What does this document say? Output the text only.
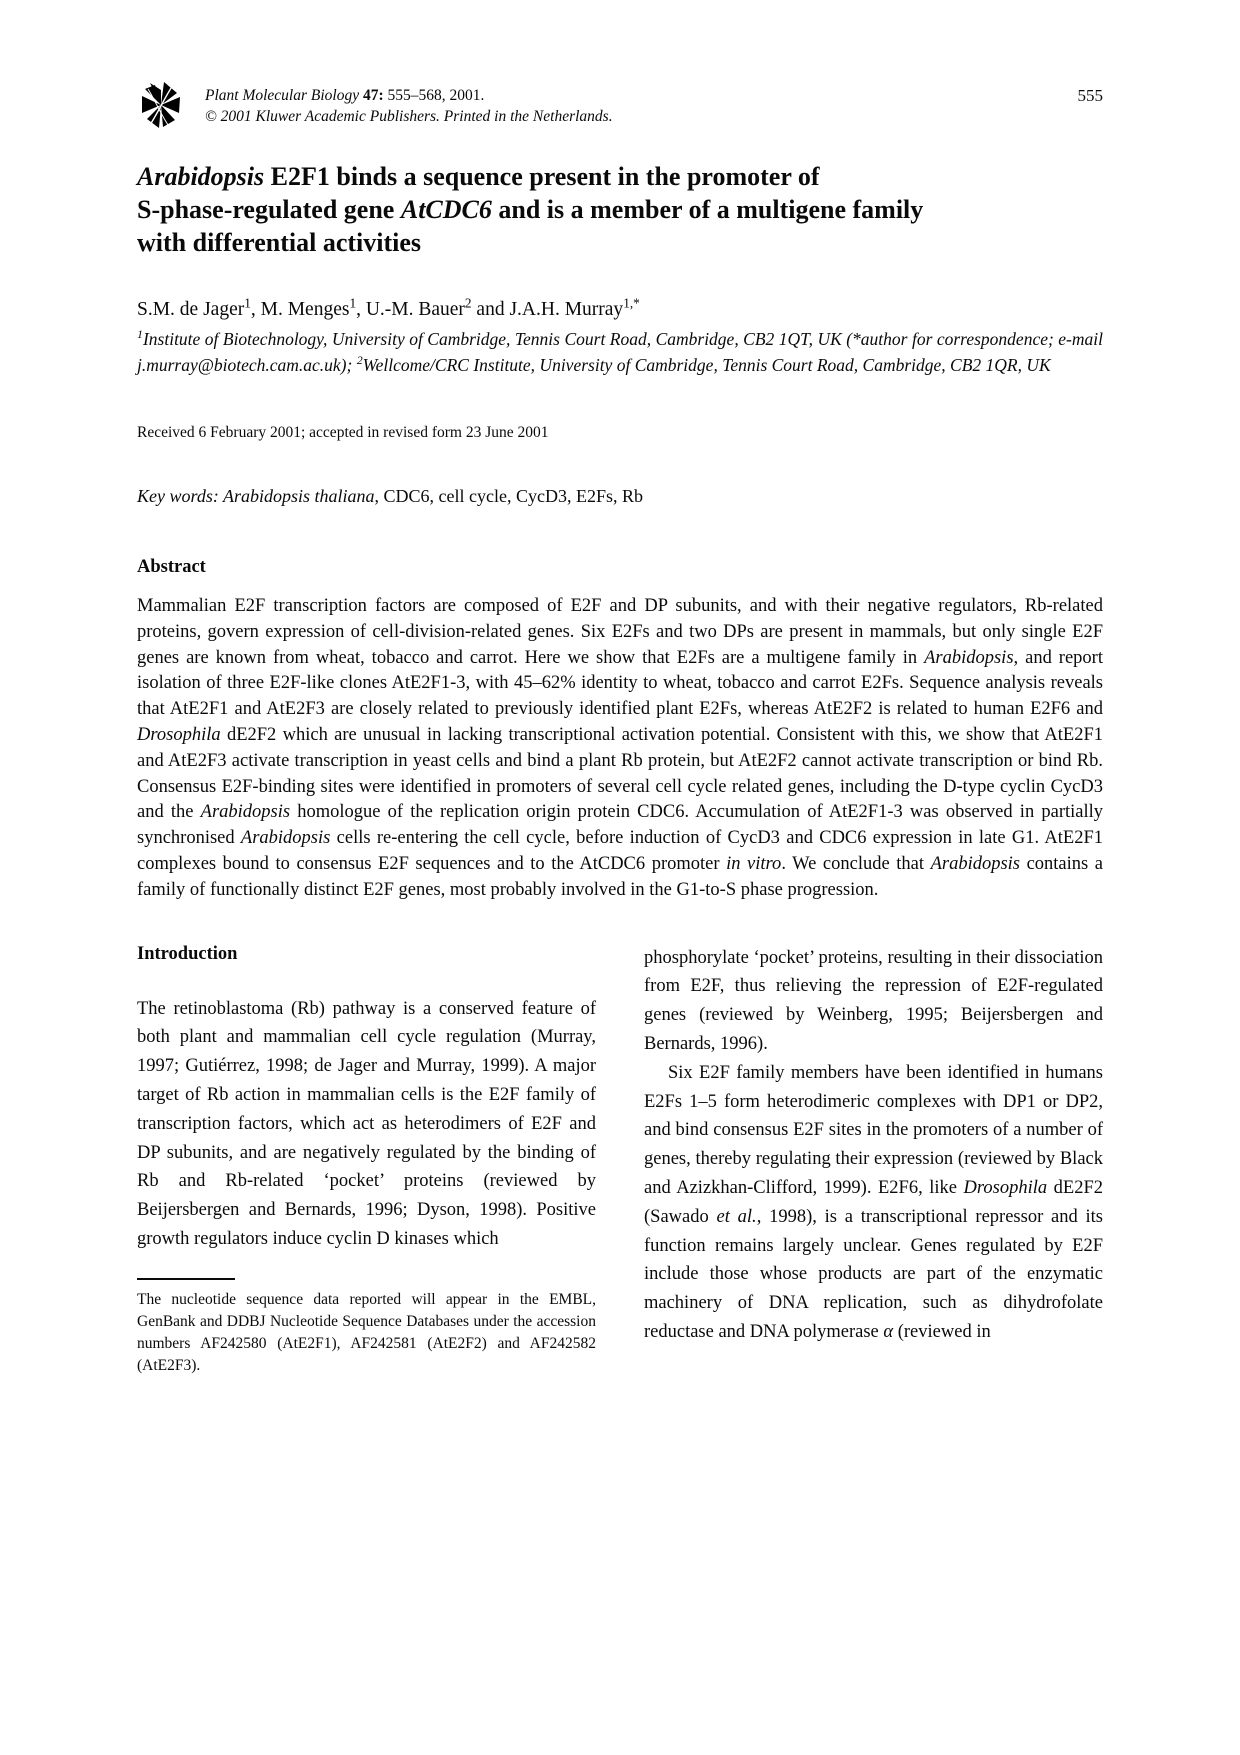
Plant Molecular Biology 47: 555–568, 2001.
© 2001 Kluwer Academic Publishers. Printed in the Netherlands.
555
Arabidopsis E2F1 binds a sequence present in the promoter of
S-phase-regulated gene AtCDC6 and is a member of a multigene family
with differential activities
S.M. de Jager$^1$, M. Menges$^1$, U.-M. Bauer$^2$ and J.A.H. Murray$^{1,*}$
$^1$Institute of Biotechnology, University of Cambridge, Tennis Court Road, Cambridge, CB2 1QT, UK (*author for correspondence; e-mail j.murray@biotech.cam.ac.uk); $^2$Wellcome/CRC Institute, University of Cambridge, Tennis Court Road, Cambridge, CB2 1QR, UK
Received 6 February 2001; accepted in revised form 23 June 2001
Key words: Arabidopsis thaliana, CDC6, cell cycle, CycD3, E2Fs, Rb
Abstract

Mammalian E2F transcription factors are composed of E2F and DP subunits, and with their negative regulators, Rb-related proteins, govern expression of cell-division-related genes. Six E2Fs and two DPs are present in mammals, but only single E2F genes are known from wheat, tobacco and carrot. Here we show that E2Fs are a multigene family in Arabidopsis, and report isolation of three E2F-like clones AtE2F1-3, with 45–62% identity to wheat, tobacco and carrot E2Fs. Sequence analysis reveals that AtE2F1 and AtE2F3 are closely related to previously identified plant E2Fs, whereas AtE2F2 is related to human E2F6 and Drosophila dE2F2 which are unusual in lacking transcriptional activation potential. Consistent with this, we show that AtE2F1 and AtE2F3 activate transcription in yeast cells and bind a plant Rb protein, but AtE2F2 cannot activate transcription or bind Rb. Consensus E2F-binding sites were identified in promoters of several cell cycle related genes, including the D-type cyclin CycD3 and the Arabidopsis homologue of the replication origin protein CDC6. Accumulation of AtE2F1-3 was observed in partially synchronised Arabidopsis cells re-entering the cell cycle, before induction of CycD3 and CDC6 expression in late G1. AtE2F1 complexes bound to consensus E2F sequences and to the AtCDC6 promoter in vitro. We conclude that Arabidopsis contains a family of functionally distinct E2F genes, most probably involved in the G1-to-S phase progression.

Introduction

The retinoblastoma (Rb) pathway is a conserved feature of both plant and mammalian cell cycle regulation (Murray, 1997; Gutiérrez, 1998; de Jager and Murray, 1999). A major target of Rb action in mammalian cells is the E2F family of transcription factors, which act as heterodimers of E2F and DP subunits, and are negatively regulated by the binding of Rb and Rb-related ‘pocket’ proteins (reviewed by Beijersbergen and Bernards, 1996; Dyson, 1998). Positive growth regulators induce cyclin D kinases which

The nucleotide sequence data reported will appear in the EMBL, GenBank and DDBJ Nucleotide Sequence Databases under the accession numbers AF242580 (AtE2F1), AF242581 (AtE2F2) and AF242582 (AtE2F3).

phosphorylate ‘pocket’ proteins, resulting in their dissociation from E2F, thus relieving the repression of E2F-regulated genes (reviewed by Weinberg, 1995; Beijersbergen and Bernards, 1996).

Six E2F family members have been identified in humans E2Fs 1–5 form heterodimeric complexes with DP1 or DP2, and bind consensus E2F sites in the promoters of a number of genes, thereby regulating their expression (reviewed by Black and Azizkhan-Clifford, 1999). E2F6, like Drosophila dE2F2 (Sawado et al., 1998), is a transcriptional repressor and its function remains largely unclear. Genes regulated by E2F include those whose products are part of the enzymatic machinery of DNA replication, such as dihydrofolate reductase and DNA polymerase α (reviewed in
